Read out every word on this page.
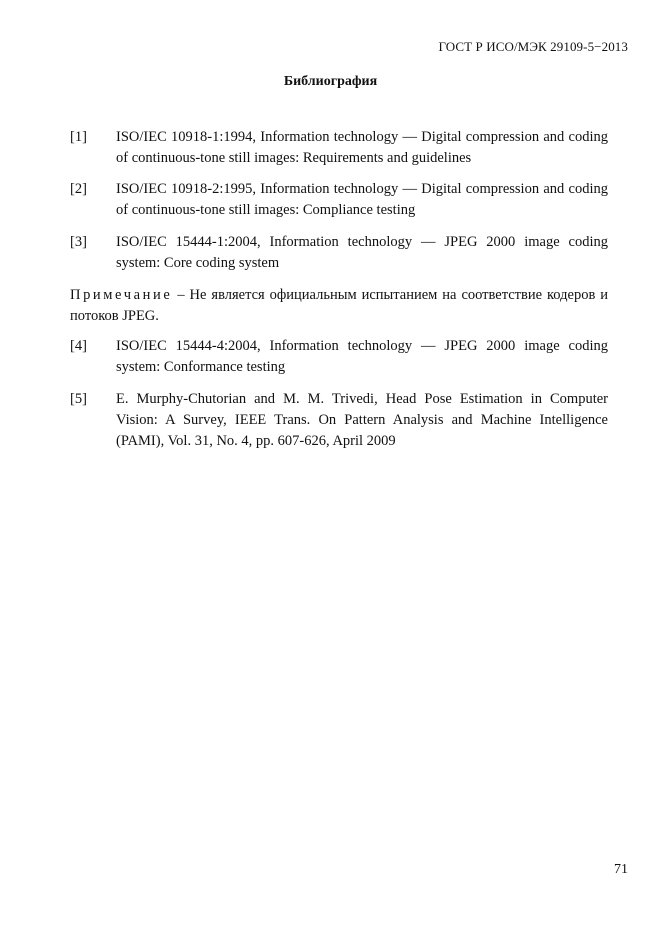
ГОСТ Р ИСО/МЭК 29109-5−2013
Библиография
[1] ISO/IEC 10918-1:1994, Information technology — Digital compression and coding of continuous-tone still images: Requirements and guidelines
[2] ISO/IEC 10918-2:1995, Information technology — Digital compression and coding of continuous-tone still images: Compliance testing
[3] ISO/IEC 15444-1:2004, Information technology — JPEG 2000 image coding system: Core coding system
Примечание – Не является официальным испытанием на соответствие кодеров и потоков JPEG.
[4] ISO/IEC 15444-4:2004, Information technology — JPEG 2000 image coding system: Conformance testing
[5] E. Murphy-Chutorian and M. M. Trivedi, Head Pose Estimation in Computer Vision: A Survey, IEEE Trans. On Pattern Analysis and Machine Intelligence (PAMI), Vol. 31, No. 4, pp. 607-626, April 2009
71
